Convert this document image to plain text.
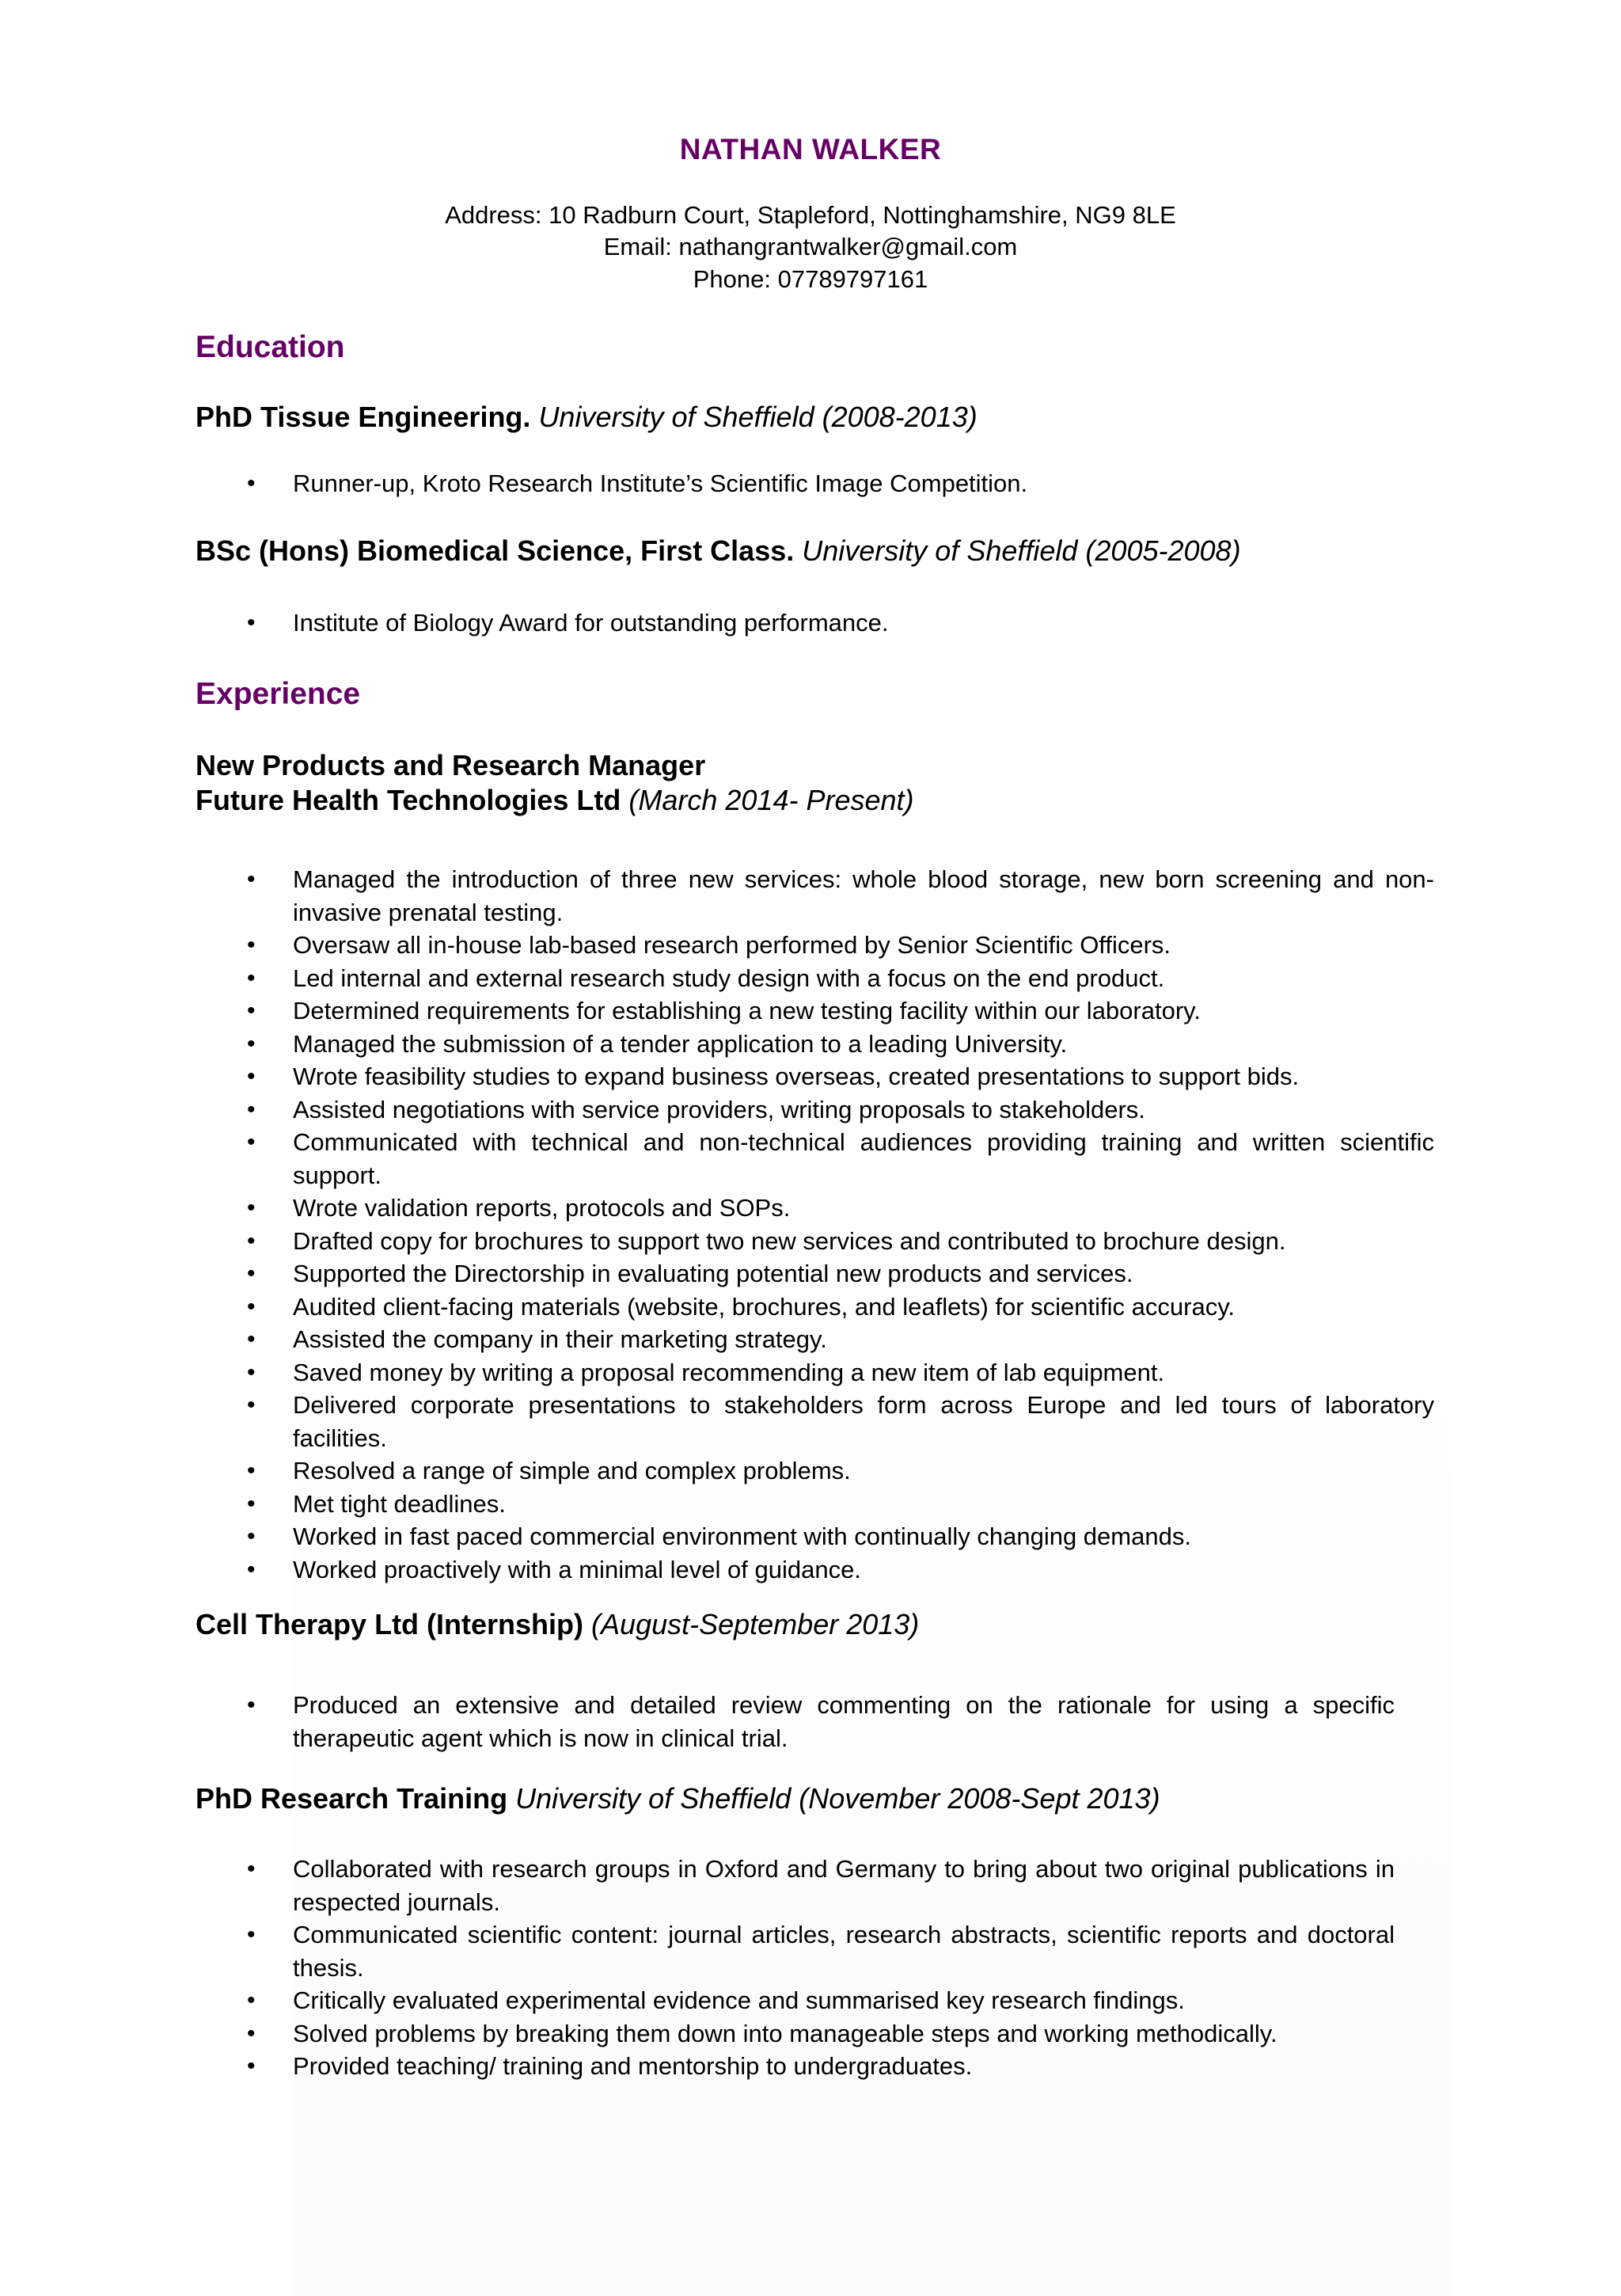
NATHAN WALKER
Address: 10 Radburn Court, Stapleford, Nottinghamshire, NG9 8LE
Email: nathangrantwalker@gmail.com
Phone: 07789797161
Education
PhD Tissue Engineering. University of Sheffield (2008-2013)
•	Runner-up, Kroto Research Institute’s Scientific Image Competition.
BSc (Hons) Biomedical Science, First Class. University of Sheffield (2005-2008)
•	Institute of Biology Award for outstanding performance.
Experience
New Products and Research Manager
Future Health Technologies Ltd (March 2014- Present)
•	Managed the introduction of three new services: whole blood storage, new born screening and non-invasive prenatal testing.
•	Oversaw all in-house lab-based research performed by Senior Scientific Officers.
•	Led internal and external research study design with a focus on the end product.
•	Determined requirements for establishing a new testing facility within our laboratory.
•	Managed the submission of a tender application to a leading University.
•	Wrote feasibility studies to expand business overseas, created presentations to support bids.
•	Assisted negotiations with service providers, writing proposals to stakeholders.
•	Communicated with technical and non-technical audiences providing training and written scientific support.
•	Wrote validation reports, protocols and SOPs.
•	Drafted copy for brochures to support two new services and contributed to brochure design.
•	Supported the Directorship in evaluating potential new products and services.
•	Audited client-facing materials (website, brochures, and leaflets) for scientific accuracy.
•	Assisted the company in their marketing strategy.
•	Saved money by writing a proposal recommending a new item of lab equipment.
•	Delivered corporate presentations to stakeholders form across Europe and led tours of laboratory facilities.
•	Resolved a range of simple and complex problems.
•	Met tight deadlines.
•	Worked in fast paced commercial environment with continually changing demands.
•	Worked proactively with a minimal level of guidance.
Cell Therapy Ltd (Internship) (August-September 2013)
•	Produced an extensive and detailed review commenting on the rationale for using a specific therapeutic agent which is now in clinical trial.
PhD Research Training University of Sheffield (November 2008-Sept 2013)
•	Collaborated with research groups in Oxford and Germany to bring about two original publications in respected journals.
•	Communicated scientific content: journal articles, research abstracts, scientific reports and doctoral thesis.
•	Critically evaluated experimental evidence and summarised key research findings.
•	Solved problems by breaking them down into manageable steps and working methodically.
•	Provided teaching/ training and mentorship to undergraduates.
